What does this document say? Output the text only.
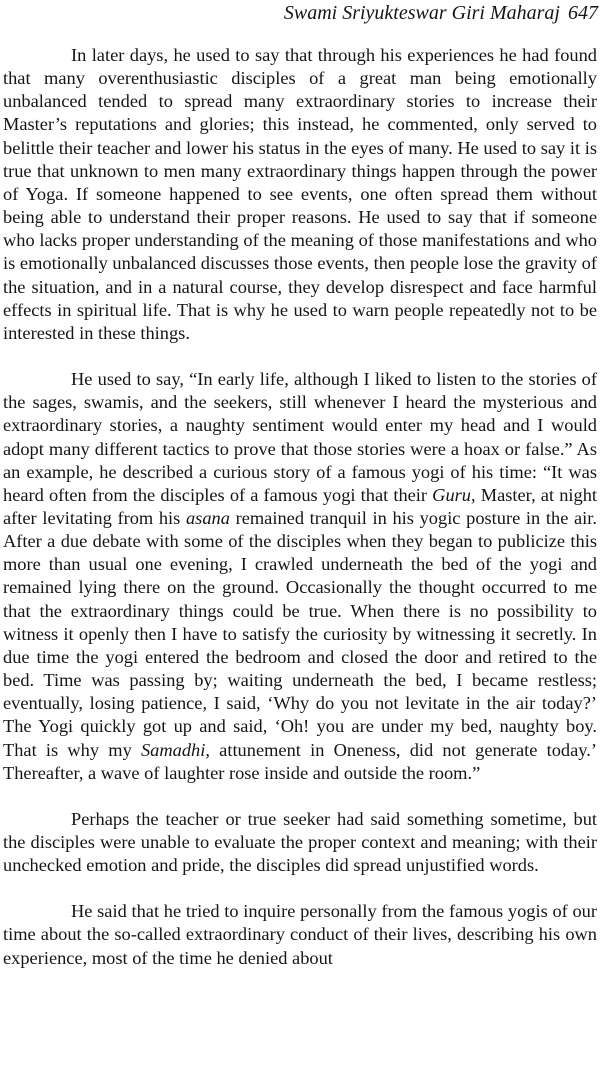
Swami Sriyukteswar Giri Maharaj 647

In later days, he used to say that through his experiences he had found that many overenthusiastic disciples of a great man being emotionally unbalanced tended to spread many extraordinary stories to increase their Master’s reputations and glories; this instead, he commented, only served to belittle their teacher and lower his status in the eyes of many. He used to say it is true that unknown to men many extraordinary things happen through the power of Yoga. If someone happened to see events, one often spread them without being able to understand their proper reasons. He used to say that if someone who lacks proper understanding of the meaning of those manifestations and who is emotionally unbalanced discusses those events, then people lose the gravity of the situation, and in a natural course, they develop disrespect and face harmful effects in spiritual life. That is why he used to warn people repeatedly not to be interested in these things.

He used to say, “In early life, although I liked to listen to the stories of the sages, swamis, and the seekers, still whenever I heard the mysterious and extraordinary stories, a naughty sentiment would enter my head and I would adopt many different tactics to prove that those stories were a hoax or false.” As an example, he described a curious story of a famous yogi of his time: “It was heard often from the disciples of a famous yogi that their Guru, Master, at night after levitating from his asana remained tranquil in his yogic posture in the air. After a due debate with some of the disciples when they began to publicize this more than usual one evening, I crawled underneath the bed of the yogi and remained lying there on the ground. Occasionally the thought occurred to me that the extraordinary things could be true. When there is no possibility to witness it openly then I have to satisfy the curiosity by witnessing it secretly. In due time the yogi entered the bedroom and closed the door and retired to the bed. Time was passing by; waiting underneath the bed, I became restless; eventually, losing patience, I said, ‘Why do you not levitate in the air today?’ The Yogi quickly got up and said, ‘Oh! you are under my bed, naughty boy. That is why my Samadhi, attunement in Oneness, did not generate today.’ Thereafter, a wave of laughter rose inside and outside the room.”

Perhaps the teacher or true seeker had said something sometime, but the disciples were unable to evaluate the proper context and meaning; with their unchecked emotion and pride, the disciples did spread unjustified words.

He said that he tried to inquire personally from the famous yogis of our time about the so-called extraordinary conduct of their lives, describing his own experience, most of the time he denied about
